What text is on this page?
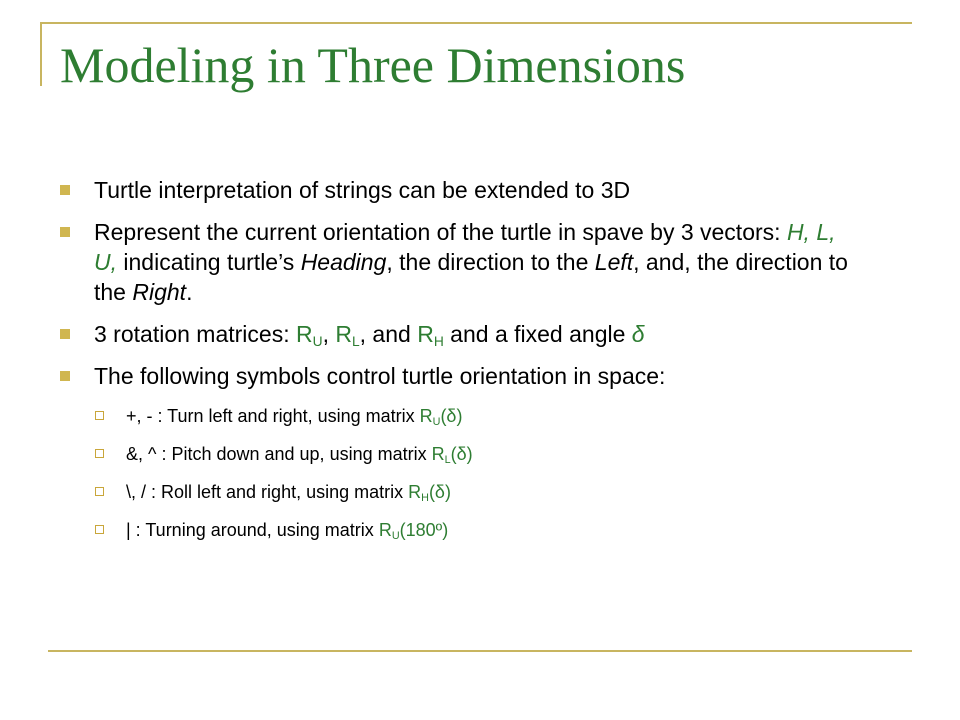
Modeling in Three Dimensions
Turtle interpretation of strings can be extended to 3D
Represent the current orientation of the turtle in spave by 3 vectors: H, L, U, indicating turtle’s Heading, the direction to the Left, and, the direction to the Right.
3 rotation matrices: $R_U$, $R_L$, and $R_H$ and a fixed angle δ
The following symbols control turtle orientation in space:
+, - : Turn left and right, using matrix $R_U(\delta)$
&, ^ : Pitch down and up, using matrix $R_L(\delta)$
\, / : Roll left and right, using matrix $R_H(\delta)$
| : Turning around, using matrix $R_U(180º)$
